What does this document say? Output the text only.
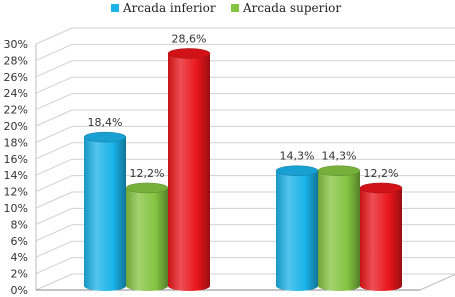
Arcada inferior Arcada superior
0%
2%
4%
6%
8%
10%
12%
14%
16%
18%
20%
22%
24%
26%
28%
30%
18,4%
14,3%
12,2%
14,3%
28,6%
12,2%
